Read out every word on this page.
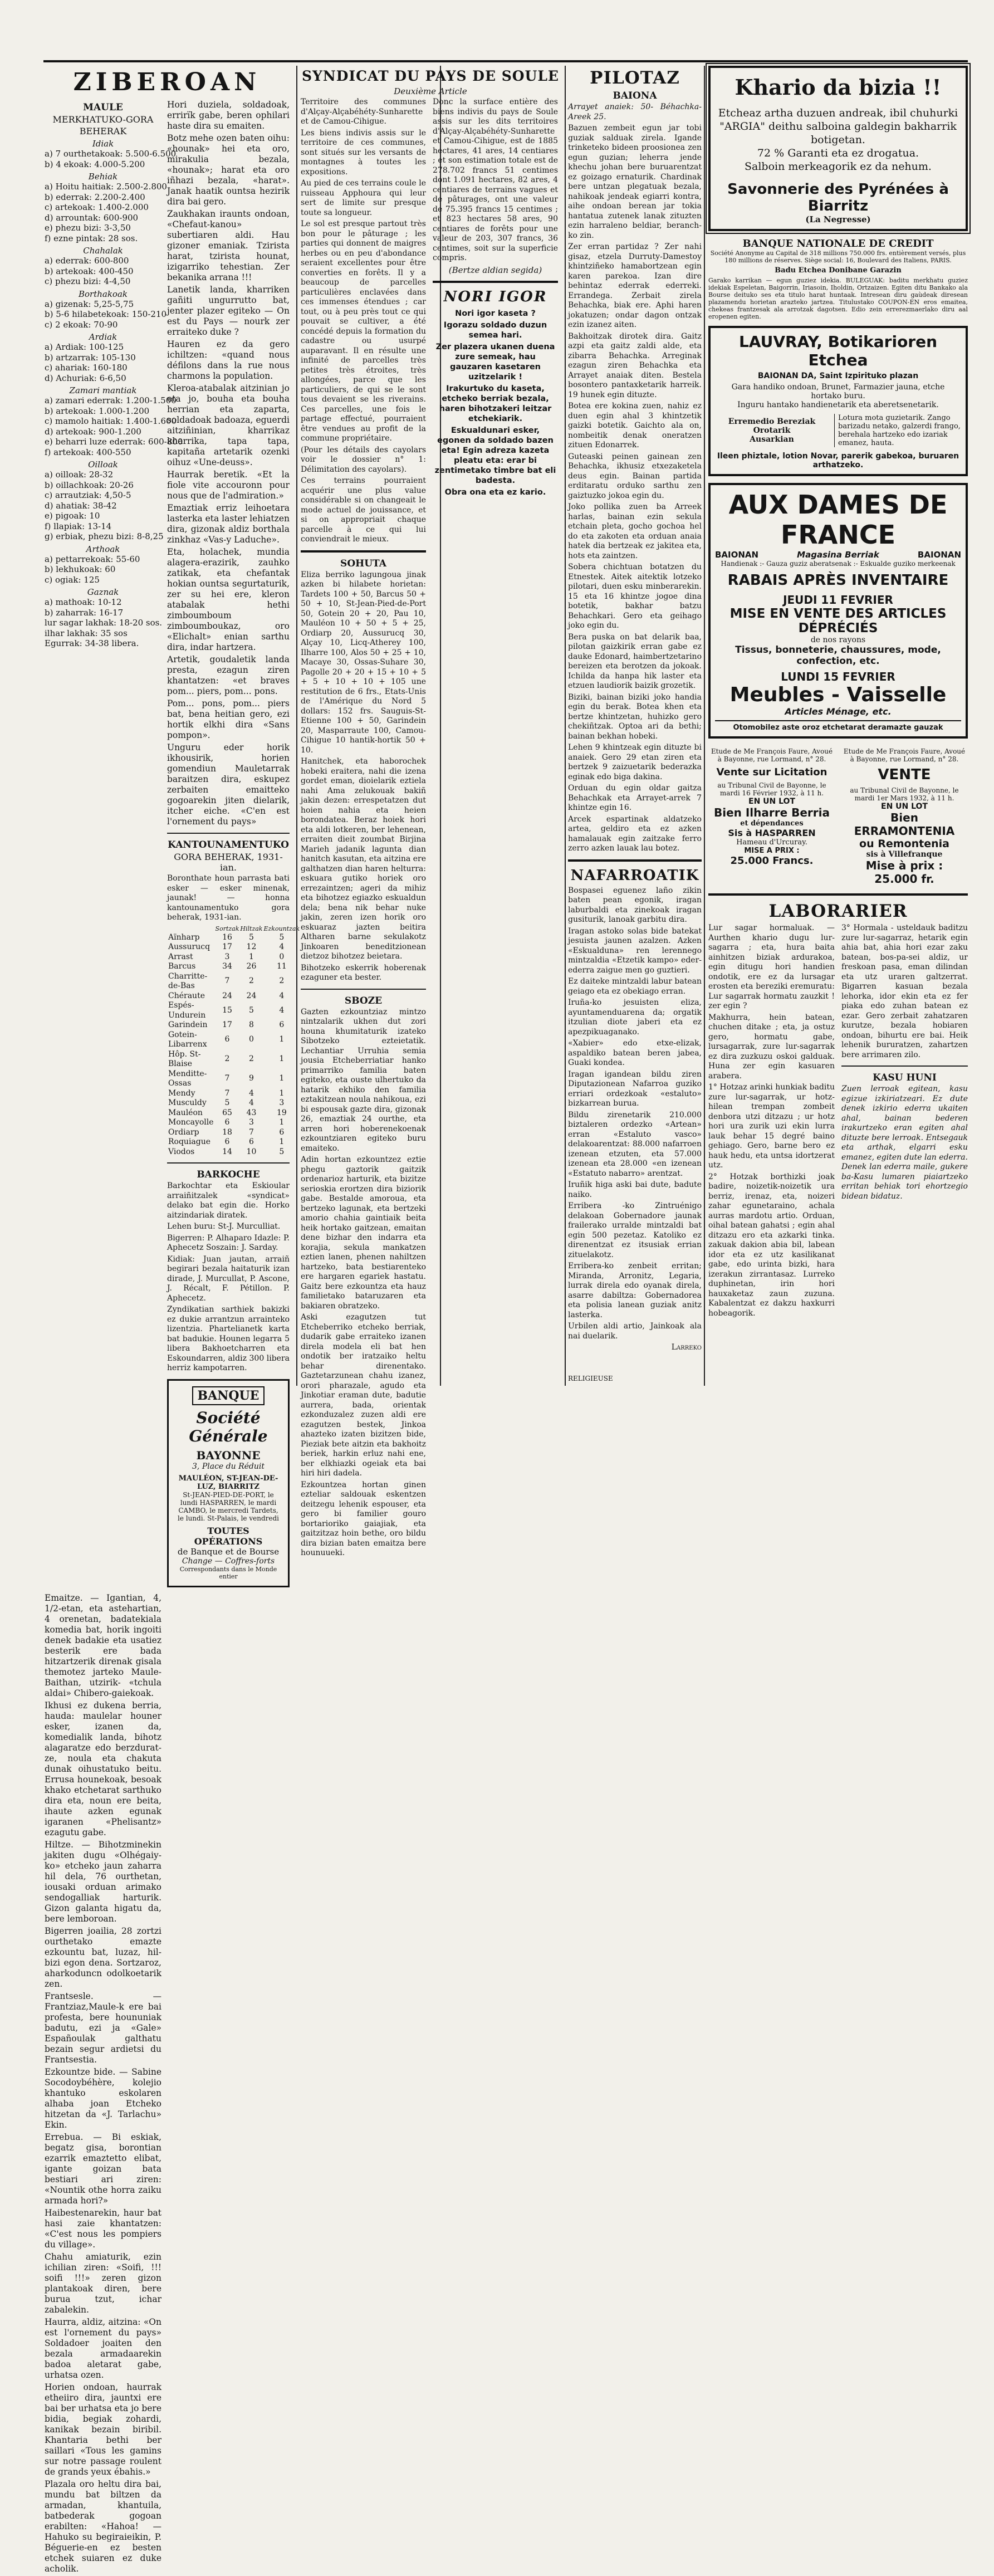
ZIBEROAN
MAULE
MERKHATUKO-GORA
BEHERAK
Idiak
a) 7 ourthetakoak: 5.500-6.500
b) 4 ekoak: 4.000-5.200
Behiak
a) Hoitu haitiak: 2.500-2.800
b) ederrak: 2.200-2.400
c) artekoak: 1.400-2.000
d) arrountak: 600-900
e) phezu bizi: 3-3,50
f) ezne pintak: 28 sos.
Chahalak
a) ederrak: 600-800
b) artekoak: 400-450
c) phezu bizi: 4-4,50
Borthakoak
a) gizenak: 5,25-5,75
b) 5-6 hilabetekoak: 150-210
c) 2 ekoak: 70-90
Ardiak
a) Ardiak: 100-125
b) artzarrak: 105-130
c) ahariak: 160-180
d) Achuriak: 6-6,50
Zamari mantiak
a) zamari ederrak: 1.200-1.500
b) artekoak: 1.000-1.200
c) mamolo haitiak: 1.400-1.600
d) artekoak: 900-1.200
e) beharri luze ederrak: 600-800
f) artekoak: 400-550
Oilloak
a) oilloak: 28-32
b) oillachkoak: 20-26
c) arrautziak: 4,50-5
d) ahatiak: 38-42
e) pigoak: 10
f) llapiak: 13-14
g) erbiak, phezu bizi: 8-8,25
Arthoak
a) pettarrekoak: 55-60
b) lekhukoak: 60
c) ogiak: 125
Gaznak
a) mathoak: 10-12
b) zaharrak: 16-17
lur sagar lakhak: 18-20 sos.
ilhar lakhak: 35 sos
Egurrak: 34-38 libera.

Hori duziela, soldadoak, errirïk gabe, beren ophilari haste dira su emaiten.

Botz mehe ozen baten oihu: «hounak» hei eta oro, mirakulia bezala, «hounak»; harat eta oro iñhazi bezala, «harat». Janak haatik ountsa hezirik dira bai gero.

Zaukhakan iraunts ondoan, «Chefaut-kanou» subertiaren aldi. Hau gizoner emaniak. Tzirista harat, tzirista hounat, izigarriko tehestian. Zer bekanika arrana !!!

Lanetik landa, kharriken gañiti ungurrutto bat, jenter plazer egiteko — On est du Pays — nourk zer erraiteko duke ?

Hauren ez da gero ichiltzen: «quand nous défilons dans la rue nous charmons la population.

Kleroa-atabalak aitzinian jo eta jo, bouha eta bouha herrian eta zaparta, soldadoak badoaza, eguerdi aitziñinian, kharrikaz kharrika, tapa tapa, kapitaña artetarik ozenki oihuz «Une-deuss».

Haurrak beretik. «Et la fiole vite accouronn pour nous que de l'admiration.»

Emaztiak erriz leihoetara lasterka eta laster lehiatzen dira, gizonak aldiz borthala zinkhaz «Vas-y Laduche».

Eta, holachek, mundia alagera-erazirik, zauhko zatikak, eta chefantak hokian ountsa segurtaturik, zer su hei ere, kleron atabalak hethi zimboumboum zimboumboukaz, oro «Elichalt» enian sarthu dira, indar hartzera.

Artetik, goudaletik landa presta, ezagun ziren khantatzen: «et braves pom... piers, pom... pons.

Pom... pons, pom... piers bat, bena heitian gero, ezi hortik elkhi dira «Sans pompon».

Unguru eder horik ikhousirik, horien gomendiun Mauletarrak baraitzen dira, eskupez zerbaiten emaitteko gogoarekin jiten dielarik, itcher eiche. «C'en est l'ornement du pays»

KANTOUNAMENTUKO
GORA BEHERAK, 1931-ian.

Boronthate houn parrasta bati esker — esker minenak, jaunak! — honna kantounamentuko gora beherak, 1931-ian.

	Sortzak	Hiltzak	Ezkountzak
Aïnharp	16	5	5
Aussurucq	17	12	4
Arrast	3	1	0
Barcus	34	26	11
Charritte-de-Bas	7	2	2
Chéraute	24	24	4
Espés-Undurein	15	5	4
Garindein	17	8	6
Gotein-Libarrenx	6	0	1
Hôp. St-Blaise	2	2	1
Menditte-Ossas	7	9	1
Mendy	7	4	1
Musculdy	5	4	3
Mauléon	65	43	19
Moncayolle	6	3	1
Ordiarp	18	7	6
Roquiague	6	6	1
Viodos	14	10	5
BARKOCHE

Barkochtar eta Eskioular arraiñitzalek «syndicat» delako bat egin die. Horko aitzindariak diratek.

Lehen buru: St-J. Murculliat.

Bigerren: P. Alhaparo Idazle: P. Aphecetz Soszain: J. Sarday.

Kidiak: Juan jautan, arraiñ begirari bezala haitaturik izan dirade, J. Murcullat, P. Ascone, J. Récalt, F. Pétillon. P. Aphecetz.

Zyndikatian sarthiek bakizki ez dukie arrantzun arrainteko lizentzia. Phartelianetk karta bat badukie. Hounen legarra 5 libera Bakhoetcharren eta Eskoundarren, aldiz 300 libera herriz kampotarren.

BANQUE
Société Générale
BAYONNE
3, Place du Réduit
MAULÉON, ST-JEAN-DE-LUZ, BIARRITZ
St-JEAN-PIED-DE-PORT, le lundi HASPARREN, le mardi CAMBO, le mercredi Tardets, le lundi. St-Palais, le vendredi
TOUTES OPÉRATIONS
de Banque et de Bourse
Change — Coffres-forts
Correspondants dans le Monde entier

Emaitze. — Igantian, 4, 1/2-etan, eta astehartian, 4 orenetan, badatekiala komedia bat, horik ingoiti denek badakie eta usatiez besterik ere bada hitzartzerik direnak gisala themotez jarteko Maule-Baithan, utzirik- «tchula aldai» Chibero-gaiekoak.

Ikhusi ez dukena berria, hauda: maulelar houner esker, izanen da, komedialik landa, bihotz alagaratze edo berzdurat-ze, noula eta chakuta dunak oihustatuko beitu. Errusa hounekoak, besoak khako etchetarat sarthuko dira eta, noun ere beita, ihaute azken egunak igaranen «Phelisantz» ezagutu gabe.

Hiltze. — Bihotzminekin jakiten dugu «Olhégaiy-ko» etcheko jaun zaharra hil dela, 76 ourthetan, iousaki orduan arimako sendogalliak harturik. Gizon galanta higatu da, bere lemboroan.

Bigerren joailia, 28 zortzi ourthetako emazte ezkountu bat, luzaz, hil-bizi egon dena. Sortzaroz, aharkoduncn odolkoetarik zen.

Frantsesle. — Frantziaz,Maule-k ere bai profesta, bere hoununiak badutu, ezi ja «Gale» Españoulak galthatu bezain segur ardietsi du Frantsestia.

Ezkountze bide. — Sabine Socodoybéhère, kolejio khantuko eskolaren alhaba joan Etcheko hitzetan da «J. Tarlachu» Ekin.

Errebua. — Bi eskiak, begatz gisa, borontian ezarrik emaztetto elibat, igante goizan bata bestiari ari ziren: «Nountik othe horra zaiku armada hori?»

Haibestenarekin, haur bat hasi zaie khantatzen: «C'est nous les pompiers du village».

Chahu amiaturik, ezin ichilian ziren: «Soifi, !!! soifi !!!» zeren gizon plantakoak diren, bere burua tzut, ichar zabalekin.

Haurra, aldiz, aitzina: «On est l'ornement du pays» Soldadoer joaiten den bezala armadaarekin badoa aletarat gabe, urhatsa ozen.

Horien ondoan, haurrak etheiiro dira, jauntxi ere bai ber urhatsa eta jo bere bidia, begiak zohardi, kanikak bezain biribil. Khantaria bethi ber saillari «Tous les gamins sur notre passage roulent de grands yeux ébahis.»

Plazala oro heltu dira bai, mundu bat biltzen da armadan, khantuila, batbederak gogoan erabilten: «Hahoa! — Hahuko su begiraieikin, P. Béguerie-en ez besten etchek suiaren ez duke acholik.

SYNDICAT DU PAYS DE SOULE
Deuxième Article

Territoire des communes d'Alçay-Alçabéhéty-Sunharette et de Camou-Cihigue.

Les biens indivis assis sur le territoire de ces communes, sont situés sur les versants de montagnes à toutes les expositions.

Au pied de ces terrains coule le ruisseau Apphoura qui leur sert de limite sur presque toute sa longueur.

Le sol est presque partout très bon pour le pâturage ; les parties qui donnent de maigres herbes ou en peu d'abondance seraient excellentes pour être converties en forêts. Il y a beaucoup de parcelles particulières enclavées dans ces immenses étendues ; car tout, ou à peu près tout ce qui pouvait se cultiver, a été concédé depuis la formation du cadastre ou usurpé auparavant. Il en résulte une infinité de parcelles très petites très étroites, très allongées, parce que les particuliers, de qui se le sont tous devaient se les riverains. Ces parcelles, une fois le partage effectué, pourraient être vendues au profit de la commune propriétaire.

(Pour les détails des cayolars voir le dossier n° 1: Délimitation des cayolars).

Ces terrains pourraient acquérir une plus value considérable si on changeait le mode actuel de jouissance, et si on appropriait chaque parcelle à ce qui lui conviendrait le mieux.

SOHUTA

Eliza berriko lagungoua jinak azken bi hilabete horietan: Tardets 100 + 50, Barcus 50 + 50 + 10, St-Jean-Pied-de-Port 50, Gotein 20 + 20, Pau 10, Mauléon 10 + 50 + 5 + 25, Ordiarp 20, Aussurucq 30, Alçay 10, Licq-Atherey 100, Ilharre 100, Alos 50 + 25 + 10, Macaye 30, Ossas-Suhare 30, Pagolle 20 + 20 + 15 + 10 + 5 + 5 + 10 + 10 + 105 une restitution de 6 frs., Etats-Unis de l'Amérique du Nord 5 dollars: 152 frs. Sauguis-St-Etienne 100 + 50, Garindein 20, Masparraute 100, Camou-Cihigue 10 hantik-hortik 50 + 10.

Hanitchek, eta haborochek hobeki eraitera, nahi die izena gordet eman, dioielarik eztiela nahi Ama zelukouak bakiñ jakin dezen: errespetatzen dut hoien nahia eta heien borondatea. Beraz hoiek hori eta aldi lotkeren, ber lehenean, erraiten dieit zoumbat Birjina Marieh jadanik lagunta dian hanitch kasutan, eta aitzina ere galthatzen dian haren helturra: eskuara gutiko horiek oro errezaintzen; ageri da mihiz eta bihotzez egiazko eskualdun dela; bena nik behar nuke jakin, zeren izen horik oro eskuaraz jazten beitira Altharen barne sekulakotz Jinkoaren beneditzionean dietzoz bihotzez beietara.

Bihotzeko eskerrik hoberenak ezaguner eta bester.

SBOZE

Gazten ezkountziaz mintzo nintzalarik ukhen dut zori houna khumitaturik izateko Sibotzeko ezteietatik. Lechantiar Urruhia semia jousia Etcheberriatiar hanko primarriko familia baten egiteko, eta ouste ulhertuko da hatarik ekhiko den familia eztakitzean noula nahikoua, ezi bi espousak gazte dira, gizonak 26, emaztiak 24 ourthe, eta arren hori hoberenekoenak ezkountziaren egiteko buru emaiteko.

Adin hortan ezkountzez eztie phegu gaztorik gaitzik ordenarioz harturik, eta bizitze serioskia erortzen dira biziorik gabe. Bestalde amoroua, eta bertzeko lagunak, eta bertzeki amorio chahia gaintiaik beita heik hortako gaitzean, emaitan dene bizhar den indarra eta korajia, sekula mankatzen eztien lanen, phenen nahiltzen hartzeko, bata bestiarenteko ere hargaren egariek hastatu. Gaitz bere ezkountza eta hauz familietako bataruzaren eta bakiaren obratzeko.

Aski ezagutzen tut Etcheberriko etcheko berriak, dudarik gabe erraiteko izanen direla modela eli bat hen ondotik ber iratzaiko heltu behar direnentako. Gaztetarzunean chahu izanez, orori pharazale, agudo eta Jinkotiar eraman dute, badutie aurrera, bada, orientak ezkonduzalez zuzen aldi ere ezagutzen bestek, Jinkoa ahazteko izaten bizitzen bide, Pieziak bete aitzin eta bakhoitz beriek, harkin erluz nahi ene, ber elkhiazki ogeiak eta bai hiri hiri dadela.

Ezkountzea hortan ginen ezteliar saldouak eskentzen deitzegu lehenik espouser, eta gero bi familier gouro bortarioriko gaiajiak, eta gaitzitzaz hoin bethe, oro bildu dira bizian baten emaitza bere hounuueki.

Donc la surface entière des biens indivis du pays de Soule assis sur les dits territoires d'Alçay-Alçabéhéty-Sunharette et Camou-Cihigue, est de 1885 hectares, 41 ares, 14 centiares ; et son estimation totale est de 278.702 francs 51 centimes dont 1.091 hectares, 82 ares, 4 centiares de terrains vagues et de pâturages, ont une valeur de 75.395 francs 15 centimes ; et 823 hectares 58 ares, 90 centiares de forêts pour une valeur de 203, 307 francs, 36 centimes, soit sur la superficie compris.

(Bertze aldian segida)
NORI IGOR

Nori igor kaseta ?

Igorazu soldado duzun semea hari.

Zer plazera ukanen duena zure semeak, hau gauzaren kasetaren uzitzelarik !

Irakurtuko du kaseta, etcheko berriak bezala, haren bihotzakeri leitzar etchekiarik.

Eskualdunari esker, egonen da soldado bazen eta! Egin adreza kazeta pleatu eta: erar bi zentimetako timbre bat eli badesta.

Obra ona eta ez kario.

PILOTAZ
BAIONA

Arrayet anaiek: 50- Béhachka-Areek 25.

Bazuen zembeit egun jar tobi guziak salduak zirela. Igande trinketeko bideen proosionea zen egun guzian; leherra jende khechu johan bere buruarentzat ez goizago ernaturik. Chardinak bere untzan plegatuak bezala, nahikoak jendeak egiarri kontra, aihe ondoan berean jar tokia hantatua zutenek lanak zituzten ezin harraleno beldiar, beranch-ko zin.

Zer erran partidaz ? Zer nahi gisaz, etzela Durruty-Damestoy khintziñeko hamabortzean egin karen parekoa. Izan dire behintaz ederrak ederreki. Errandega. Zerbait zirela Behachka, biak ere. Aphi haren jokatuzen; ondar dagon ontzak ezin izanez aiten.

Bakhoitzak dirotek dira. Gaitz azpi eta gaitz zaldi alde, eta zibarra Behachka. Arreginak ezagun ziren Behachka eta Arrayet anaiak diten. Bestela bosontero pantaxketarik harreik. 19 hunek egin dituzte.

Botea ere kokina zuen, nahiz ez duen egin ahal 3 khintzetik gaizki botetik. Gaichto ala on, nombeitik denak oneratzen zituen Edonarrek.

Guteaski peinen gainean zen Behachka, ikhusiz etxezaketela deus egin. Bainan partida erditaratu orduko sarthu zen gaiztuzko jokoa egin du.

Joko pollika zuen ba Arreek harlas, bainan ezin sekula etchain pleta, gocho gochoa hel do eta zakoten eta orduan anaia hatek dia bertzeak ez jakitea eta, hots eta zaintzen.

Sobera chichtuan botatzen du Etnestek. Aitek aitektik lotzeko pilotari, duen esku minberarekin. 15 eta 16 khintze jogoe dina botetik, bakhar batzu Behachkari. Gero eta geihago joko egin du.

Bera puska on bat delarik baa, pilotan gaizkirik erran gabe ez dauke Edonard, haimbertzetarino bereizen eta berotzen da jokoak. Ichilda da hanpa hik laster eta etzuen laudiorik baizik grozetik.

Biziki, bainan biziki joko handia egin du berak. Botea khen eta bertze khintzetan, huhizko gero chekiñtzak. Optoa ari da bethi; bainan bekhan hobeki.

Lehen 9 khintzeak egin dituzte bi anaiek. Gero 29 etan ziren eta bertzek 9 zaizuetarik bederazka eginak edo biga dakina.

Orduan du egin oldar gaitza Behachkak eta Arrayet-arrek 7 khintze egin 16.

Arcek espartinak aldatzeko artea, geldiro eta ez azken hamalauak egin zaitzake ferro zerro azken lauak lau botez.

NAFARROATIK

Bospasei eguenez laño zikin baten pean egonik, iragan laburbaldi eta zinekoak iragan gusiturik, lanoak garbitu dira.

Iragan astoko solas bide batekat jesuista jaunen azalzen. Azken «Eskualduna» ren lerennego mintzaldia «Etzetik kampo» eder-ederra zaigue men go guztieri.

Ez daiteke mintzaldi labur batean geiago eta ez obekiago erran.

Iruña-ko jesuisten eliza, ayuntamenduarena da; orgatik itzulian diote jaberi eta ez apezpikuaganako.

«Xabier» edo etxe-elizak, aspaldiko batean beren jabea, Guaki kondea.

Iragan igandean bildu ziren Diputazionean Nafarroa guziko erriari ordezkoak «estaluto» bizkarrean burua.

Bildu zirenetarik 210.000 biztaleren ordezko «Artean» erran «Estaluto vasco» delakoarentzat: 88.000 nafarroen izenean etzuten, eta 57.000 izenean eta 28.000 «en izenean «Estatuto nabarro» arentzat.

Iruñik higa aski bai dute, badute naiko.

Erribera -ko Zintruénigo delakoan Gobernadore jaunak frailerako urralde mintzaldi bat egin 500 pezetaz. Katoliko ez direnentzat ez itsusiak errian zituelakotz.

Erribera-ko zenbeit erritan; Miranda, Arronitz, Legaria, lurrak direla edo oyanak direla, asarre dabiltza: Gobernadorea eta polisia lanean guziak anitz lasterka.

Urbilen aldi artio, Jainkoak ala nai duelarik.

Larreko

Khario da bizia !!
Etcheaz artha duzuen andreak, ibil chuhurki "ARGIA" deithu salboina galdegin bakharrik botigetan.
72 % Garanti eta ez drogatua.
Salboin merkeagorik ez da nehum.
Savonnerie des Pyrénées à Biarritz
(La Negresse)
BANQUE NATIONALE DE CREDIT
Société Anonyme au Capital de 318 millions 750.000 frs. entièrement versés, plus 180 millions de réserves. Siège social: 16, Boulevard des Italiens, PARIS.
Badu Etchea Donibane Garazin
Garako karrikan — egun guziez idekia. BULEGUAK: baditu merkhatu guziez idekiak Espeletan, Baigorrin, Iriasoin, Iholdin, Ortzaizen. Egiten ditu Bankako ala Bourse deituko ses eta titulo harat huntaak. Intresean diru gaùdeak diresean plazamendu horietan arazteko jartzea. Titulustako COUPON-EN eros emaitea, chekeas frantzesak ala arrotzak dagotsen. Edio zein errerezmaerlako diru aal eropenen egiten.
LAUVRAY, Botikarioren Etchea
BAIONAN DA, Saint Izpirituko plazan
Gara handiko ondoan, Brunet, Farmazier jauna, etche hortako buru.
Inguru hantako handienetarik eta aberetsenetarik.
Erremedio Bereziak
Orotarik
Ausarkian
Lotura mota guzietarik. Zango barizadu netako, galzerdi frango, berehala hartzeko edo izariak emanez, hauta.
Ileen phiztale, lotion Novar, parerik gabekoa, buruaren arthatzeko.
AUX DAMES DE FRANCE
BAIONAN	Magasina Berriak	BAIONAN
Handienak :- Gauza guziz aberatsenak :- Eskualde guziko merkeenak
RABAIS APRÈS INVENTAIRE
JEUDI 11 FEVRIER
MISE EN VENTE DES ARTICLES DÉPRÉCIÉS
de nos rayons
Tissus, bonneterie, chaussures, mode, confection, etc.
LUNDI 15 FEVRIER
Meubles - Vaisselle
Articles Ménage, etc.
Otomobilez aste oroz etchetarat deramazte gauzak
Etude de Me François Faure, Avoué à Bayonne, rue Lormand, n° 28.
Vente sur Licitation
au Tribunal Civil de Bayonne, le mardi 16 Février 1932, à 11 h.
EN UN LOT
Bien Ilharre Berria
et dépendances
Sis à HASPARREN
Hameau d'Urcuray.
MISE A PRIX :
25.000 Francs.
Etude de Me François Faure, Avoué à Bayonne, rue Lormand, n° 28.
VENTE
au Tribunal Civil de Bayonne, le mardi 1er Mars 1932, à 11 h.
EN UN LOT
Bien ERRAMONTENIA
ou Remontenia
sis à Villefranque
Mise à prix : 25.000 fr.
LABORARIER

Lur sagar hormaluak. — Aurthen khario dugu lur-sagarra ; eta, hura baita ainhitzen biziak ardurakoa, egin ditugu hori handien ondotik, ere ez da lursagar erosten eta bereziki eremuratu: Lur sagarrak hormatu zauzkit ! zer egin ?

Makhurra, hein batean, chuchen ditake ; eta, ja ostuz gero, hormatu gabe, lursagarrak, zure lur-sagarrak ez dira zuzkuzu oskoi galduak. Huna zer egin kasuaren arabera.

1° Hotzaz arinki hunkiak baditu zure lur-sagarrak, ur hotz-hilean trempan zombeit denbora utzi ditzazu ; ur hotz hori ura zurik uzi ekin lurra lauk behar 15 degré baino gehiago. Gero, barne bero ez hauk hedu, eta untsa idortzerat utz.

2° Hotzak borthizki joak badire, noizetik-noizetik ura berriz, irenaz, eta, noizeri zahar egunetaraino, achala aurras mardotu artio. Orduan, oihal batean gahatsi ; egin ahal ditzazu ero eta azkarki tinka. zakuak dakion abia bil, labean idor eta ez utz kasilikanat gabe, edo urinta bizki, hara izerakun zirrantasaz. Lurreko duphinetan, irin hori hauxaketaz zaun zuzuna. Kabalentzat ez dakzu haxkurri hobeagorik.

3° Hormala - usteldauk baditzu zure lur-sagarraz, hetarik egin ahia bat, ahia hori ezar zaku batean, bos-pa-sei aldiz, ur freskoan pasa, eman dilindan eta utz uraren galtzerrat. Bigarren kasuan bezala lehorka, idor ekin eta ez fer piaka edo zuhan batean ez ezar. Gero zerbait zahatzaren kurutze, bezala hobiaren ondoan, bihurtu ere bai. Heik lehenik bururatzen, zahartzen bere arrimaren zilo.

KASU HUNI

Zuen lerroak egitean, kasu egizue izkiriatzeari. Ez dute denek izkirio ederra ukaiten ahal, bainan bederen irakurtzeko eran egiten ahal dituzte bere lerroak. Entsegauk eta arthak, elgarri esku emanez, egiten dute lan ederra. Denek lan ederra maile, gukere ba-Kasu lumaren piaiartzeko erritan behiak tori ehortzegio bidean bidatuz.

RELIGIEUSE
